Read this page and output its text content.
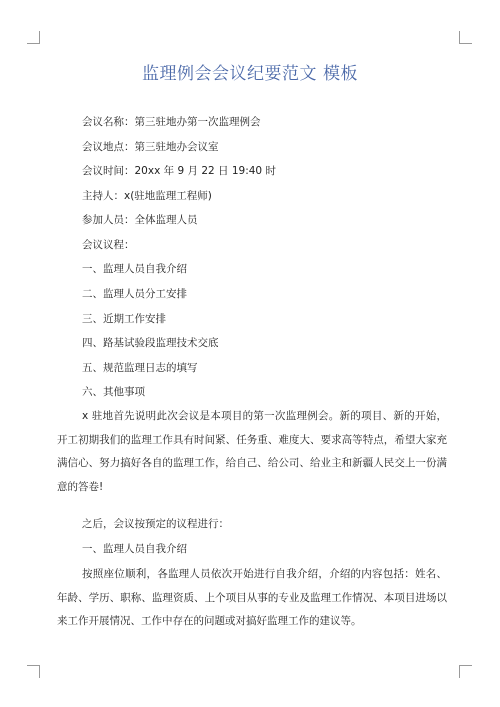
监理例会会议纪要范文 模板
会议名称：第三驻地办第一次监理例会
会议地点：第三驻地办会议室
会议时间：20xx 年 9 月 22 日 19:40 时
主持人：x(驻地监理工程师)
参加人员：全体监理人员
会议议程：
一、监理人员自我介绍
二、监理人员分工安排
三、近期工作安排
四、路基试验段监理技术交底
五、规范监理日志的填写
六、其他事项
x 驻地首先说明此次会议是本项目的第一次监理例会。新的项目、新的开始，开工初期我们的监理工作具有时间紧、任务重、难度大、要求高等特点，希望大家充满信心、努力搞好各自的监理工作，给自己、给公司、给业主和新疆人民交上一份满意的答卷!
之后，会议按预定的议程进行：
一、监理人员自我介绍
按照座位顺利，各监理人员依次开始进行自我介绍，介绍的内容包括：姓名、年龄、学历、职称、监理资质、上个项目从事的专业及监理工作情况、本项目进场以来工作开展情况、工作中存在的问题或对搞好监理工作的建议等。
